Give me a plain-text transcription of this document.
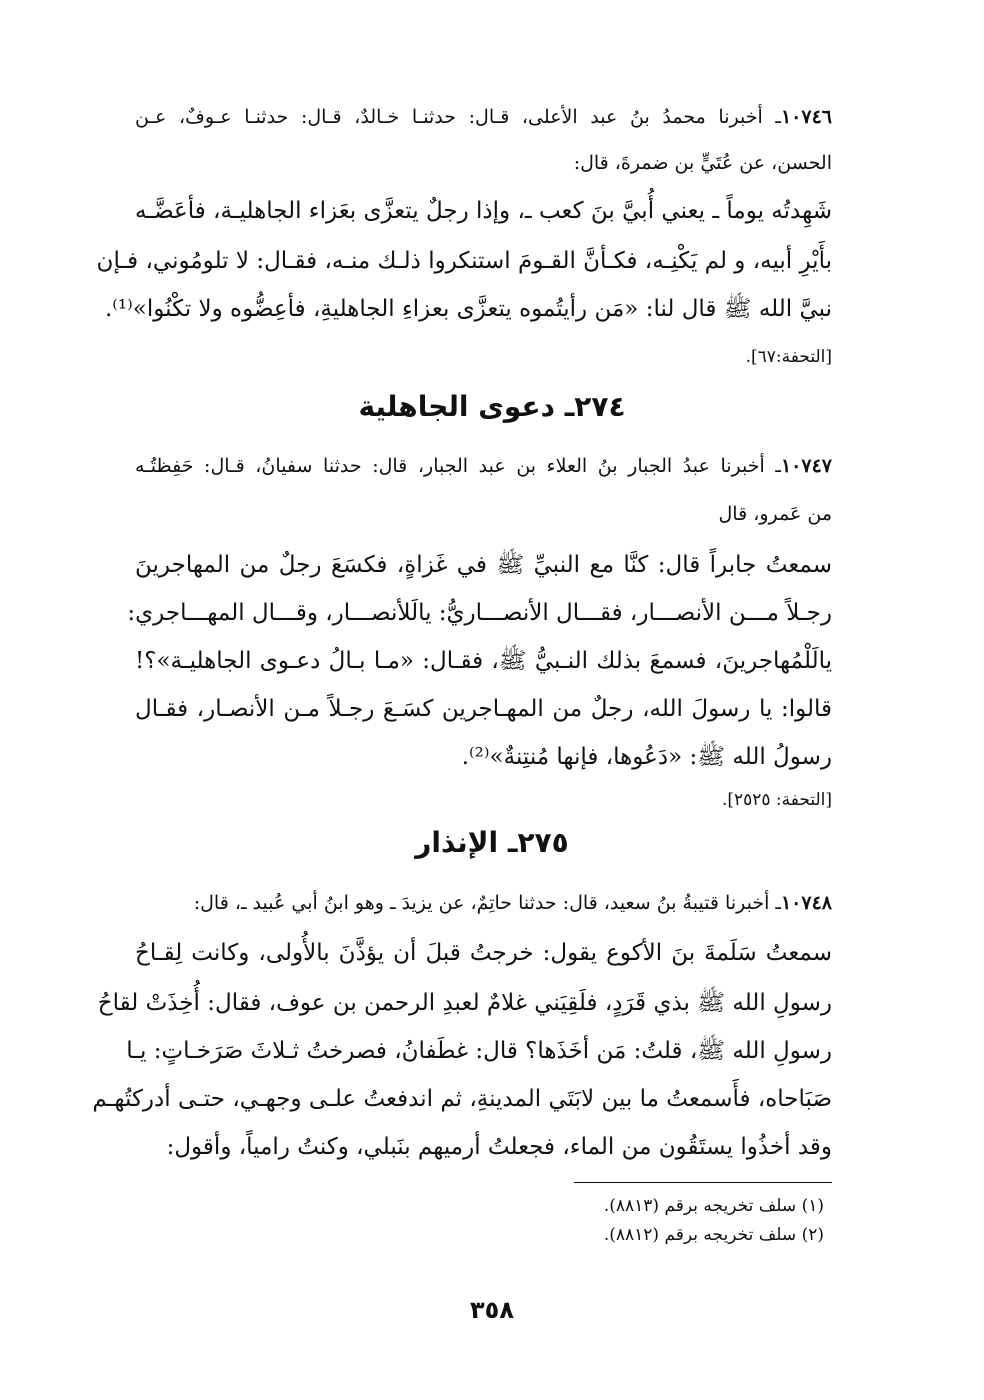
١٠٧٤٦ـ أخبرنا محمدُ بنُ عبد الأعلى، قـال: حدثنـا خـالدٌ، قـال: حدثنـا عـوفٌ، عـن
الحسن، عن عُتَيٍّ بن ضمرةَ، قال:
شَهِدتُه يوماً ـ يعني أُبيَّ بنَ كعب ـ، وإذا رجلٌ يتعزَّى بعَزاء الجاهليـة، فأعَضَّـه
بأَيْرِ أبيه، و لم يَكْنِـه، فكـأنَّ القـومَ استنكروا ذلـك منـه، فقـال: لا تلومُوني، فـإن
نبيَّ الله ﷺ قال لنا: «مَن رأيتُموه يتعزَّى بعزاءِ الجاهليةِ، فأعِضُّوه ولا تكْنُوا»⁽¹⁾.
[التحفة:٦٧].
٢٧٤ـ دعوى الجاهلية
١٠٧٤٧ـ أخبرنا عبدُ الجبار بنُ العلاء بن عبد الجبار، قال: حدثنا سفيانُ، قـال: حَفِظتُـه
من عَمرو، قال
سمعتُ جابراً قال: كنَّا مع النبيِّ ﷺ في غَزاةٍ، فكسَعَ رجلٌ من المهاجرينَ
رجـلاً مـــن الأنصـــار، فقـــال الأنصـــاريُّ: يالَلأنصـــار، وقـــال المهـــاجري:
يالَلْمُهاجرينَ، فسمعَ بذلك النـبيُّ ﷺ، فقـال: «مـا بـالُ دعـوى الجاهليـة»؟!
قالوا: يا رسولَ الله، رجلٌ من المهـاجرين كسَـعَ رجـلاً مـن الأنصـار، فقـال
رسولُ الله ﷺ: «دَعُوها، فإنها مُنتِنةٌ»⁽²⁾.
[التحفة: ٢٥٢٥].
٢٧٥ـ الإنذار
١٠٧٤٨ـ أخبرنا قتيبةُ بنُ سعيد، قال: حدثنا حاتِمٌ، عن يزيدَ ـ وهو ابنُ أبي عُبيد ـ، قال:
سمعتُ سَلَمةَ بنَ الأكوع يقول: خرجتُ قبلَ أن يؤذَّنَ بالأُولى، وكانت لِقـاحُ
رسولِ الله ﷺ بذي قَرَدٍ، فلَقِيَني غلامٌ لعبدِ الرحمن بن عوف، فقال: أُخِذَتْ لقاحُ
رسولِ الله ﷺ، قلتُ: مَن أخَذَها؟ قال: غطَفانُ، فصرختُ ثـلاثَ صَرَخـاتٍ: يـا
صَبَاحاه، فأَسمعتُ ما بين لابَتَي المدينةِ، ثم اندفعتُ علـى وجهـي، حتـى أدركتُهـم
وقد أخذُوا يستَقُون من الماء، فجعلتُ أرميهم بنَبلي، وكنتُ رامياً، وأقول:
(١) سلف تخريجه برقم (٨٨١٣).
(٢) سلف تخريجه برقم (٨٨١٢).
٣٥٨
